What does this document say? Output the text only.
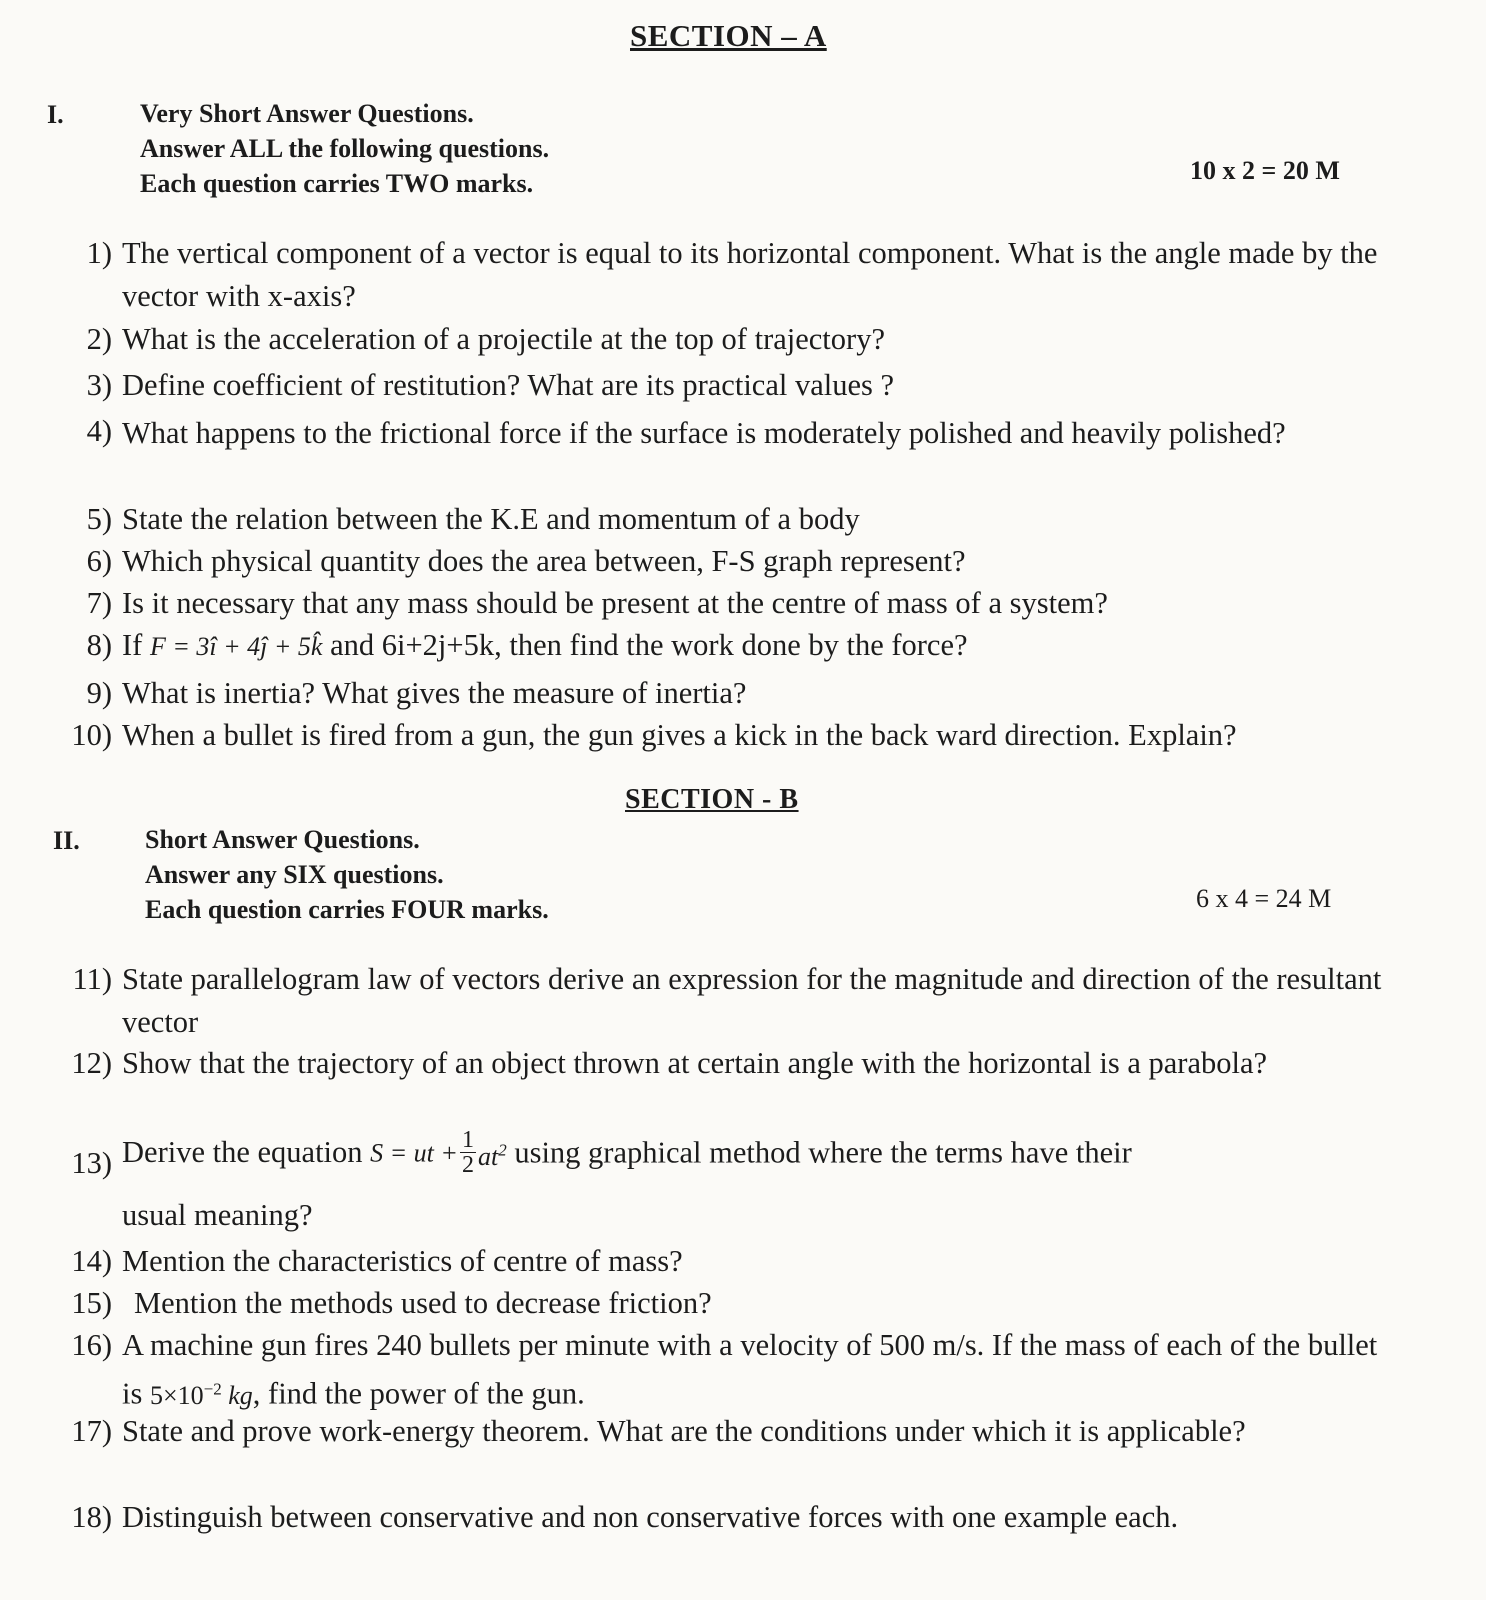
SECTION – A
I.	Very Short Answer Questions.
Answer ALL the following questions.
Each question carries TWO marks.	10 x 2 = 20 M
1) The vertical component of a vector is equal to its horizontal component. What is the angle made by the vector with x-axis?
2) What is the acceleration of a projectile at the top of trajectory?
3) Define coefficient of restitution? What are its practical values ?
4) What happens to the frictional force if the surface is moderately polished and heavily polished?
5) State the relation between the K.E and momentum of a body
6) Which physical quantity does the area between, F-S graph represent?
7) Is it necessary that any mass should be present at the centre of mass of a system?
8) If F = 3î + 4ĵ + 5k̂ and 6i+2j+5k, then find the work done by the force?
9) What is inertia? What gives the measure of inertia?
10) When a bullet is fired from a gun, the gun gives a kick in the back ward direction. Explain?
SECTION - B
II.	Short Answer Questions.
Answer any SIX questions.
Each question carries FOUR marks.	6 x 4 = 24 M
11) State parallelogram law of vectors derive an expression for the magnitude and direction of the resultant vector
12) Show that the trajectory of an object thrown at certain angle with the horizontal is a parabola?
13) Derive the equation S = ut + $\frac{1}{2} at^2$ using graphical method where the terms have their
usual meaning?
14) Mention the characteristics of centre of mass?
15) Mention the methods used to decrease friction?
16) A machine gun fires 240 bullets per minute with a velocity of 500 m/s. If the mass of each of the bullet is $5\times 10^{-2}$ kg, find the power of the gun.
17) State and prove work-energy theorem. What are the conditions under which it is applicable?
18) Distinguish between conservative and non conservative forces with one example each.
